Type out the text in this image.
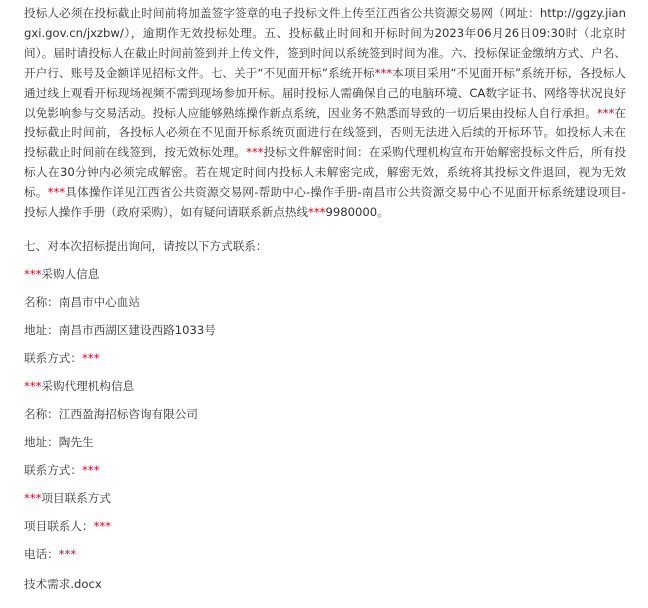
投标人必须在投标截止时间前将加盖签字签章的电子投标文件上传至江西省公共资源交易网（网址：http://ggzy.jiangxi.gov.cn/jxzbw/），逾期作无效投标处理。五、投标截止时间和开标时间为2023年06月26日09:30时（北京时间）。届时请投标人在截止时间前签到并上传文件，签到时间以系统签到时间为准。六、投标保证金缴纳方式、户名、开户行、账号及金额详见招标文件。七、关于“不见面开标”系统开标***本项目采用“不见面开标”系统开标，各投标人通过线上观看开标现场视频不需到现场参加开标。届时投标人需确保自己的电脑环境、CA数字证书、网络等状况良好以免影响参与交易活动。投标人应能够熟练操作新点系统，因业务不熟悉而导致的一切后果由投标人自行承担。***在投标截止时间前，各投标人必须在不见面开标系统页面进行在线签到，否则无法进入后续的开标环节。如投标人未在投标截止时间前在线签到，按无效标处理。***投标文件解密时间：在采购代理机构宣布开始解密投标文件后，所有投标人在30分钟内必须完成解密。若在规定时间内投标人未解密完成，解密无效，系统将其投标文件退回，视为无效标。***具体操作详见江西省公共资源交易网-帮助中心-操作手册-南昌市公共资源交易中心不见面开标系统建设项目-投标人操作手册（政府采购），如有疑问请联系新点热线***9980000。

七、对本次招标提出询问，请按以下方式联系：

***采购人信息

名称：南昌市中心血站

地址：南昌市西湖区建设西路1033号

联系方式：***

***采购代理机构信息

名称：江西盈海招标咨询有限公司

地址：陶先生

联系方式：***

***项目联系方式

项目联系人：***

电话：***

技术需求.docx
